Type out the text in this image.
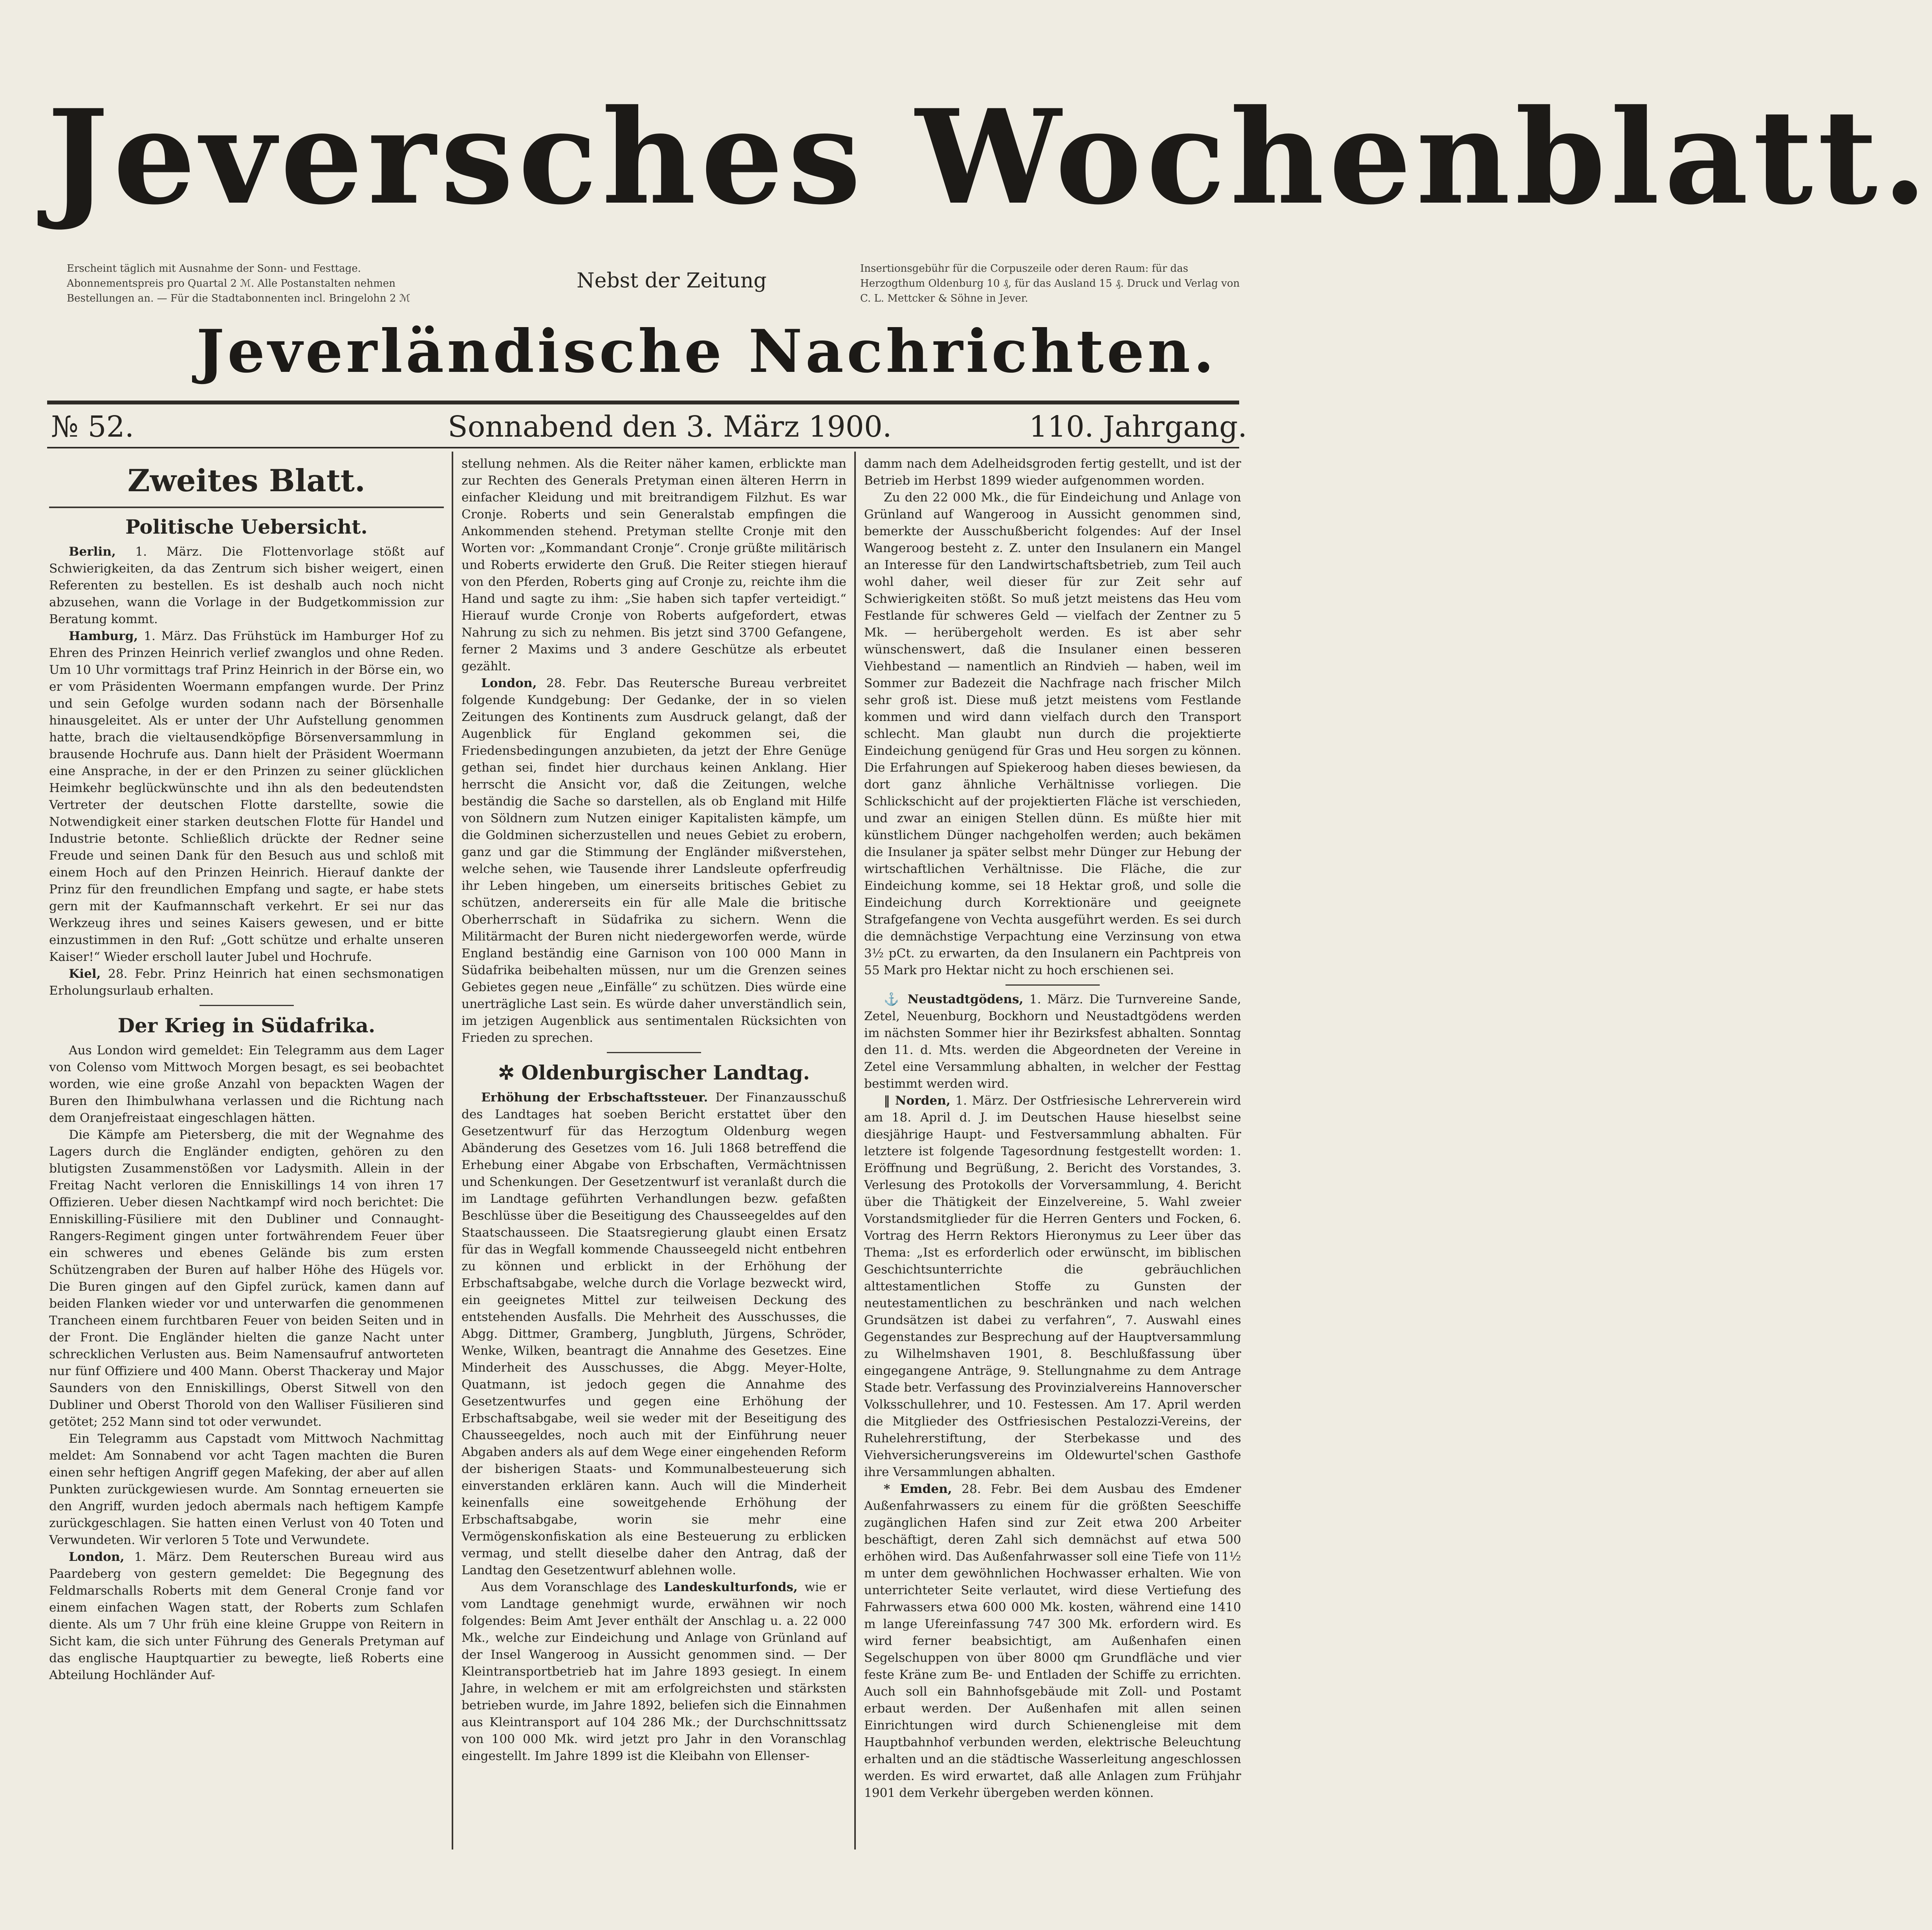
Jeversches Wochenblatt.
Erscheint täglich mit Ausnahme der Sonn- und Festtage. Abonnementspreis pro Quartal 2 ℳ. Alle Postanstalten nehmen Bestellungen an. — Für die Stadtabonnenten incl. Bringelohn 2 ℳ
Nebst der Zeitung
Insertionsgebühr für die Corpuszeile oder deren Raum: für das Herzogthum Oldenburg 10 ₰, für das Ausland 15 ₰. Druck und Verlag von C. L. Mettcker & Söhne in Jever.
Jeverländische Nachrichten.
№ 52.	Sonnabend den 3. März 1900.	110. Jahrgang.
Zweites Blatt.
Politische Uebersicht.

Berlin, 1. März. Die Flottenvorlage stößt auf Schwierigkeiten, da das Zentrum sich bisher weigert, einen Referenten zu bestellen. Es ist deshalb auch noch nicht abzusehen, wann die Vorlage in der Budgetkommission zur Beratung kommt.

Hamburg, 1. März. Das Frühstück im Hamburger Hof zu Ehren des Prinzen Heinrich verlief zwanglos und ohne Reden. Um 10 Uhr vormittags traf Prinz Heinrich in der Börse ein, wo er vom Präsidenten Woermann empfangen wurde. Der Prinz und sein Gefolge wurden sodann nach der Börsenhalle hinausgeleitet. Als er unter der Uhr Aufstellung genommen hatte, brach die vieltausendköpfige Börsenversammlung in brausende Hochrufe aus. Dann hielt der Präsident Woermann eine Ansprache, in der er den Prinzen zu seiner glücklichen Heimkehr beglückwünschte und ihn als den bedeutendsten Vertreter der deutschen Flotte darstellte, sowie die Notwendigkeit einer starken deutschen Flotte für Handel und Industrie betonte. Schließlich drückte der Redner seine Freude und seinen Dank für den Besuch aus und schloß mit einem Hoch auf den Prinzen Heinrich. Hierauf dankte der Prinz für den freundlichen Empfang und sagte, er habe stets gern mit der Kaufmannschaft verkehrt. Er sei nur das Werkzeug ihres und seines Kaisers gewesen, und er bitte einzustimmen in den Ruf: „Gott schütze und erhalte unseren Kaiser!“ Wieder erscholl lauter Jubel und Hochrufe.

Kiel, 28. Febr. Prinz Heinrich hat einen sechsmonatigen Erholungsurlaub erhalten.

Der Krieg in Südafrika.

Aus London wird gemeldet: Ein Telegramm aus dem Lager von Colenso vom Mittwoch Morgen besagt, es sei beobachtet worden, wie eine große Anzahl von bepackten Wagen der Buren den Ihimbulwhana verlassen und die Richtung nach dem Oranjefreistaat eingeschlagen hätten.

Die Kämpfe am Pietersberg, die mit der Wegnahme des Lagers durch die Engländer endigten, gehören zu den blutigsten Zusammenstößen vor Ladysmith. Allein in der Freitag Nacht verloren die Enniskillings 14 von ihren 17 Offizieren. Ueber diesen Nachtkampf wird noch berichtet: Die Enniskilling-Füsiliere mit den Dubliner und Connaught-Rangers-Regiment gingen unter fortwährendem Feuer über ein schweres und ebenes Gelände bis zum ersten Schützengraben der Buren auf halber Höhe des Hügels vor. Die Buren gingen auf den Gipfel zurück, kamen dann auf beiden Flanken wieder vor und unterwarfen die genommenen Trancheen einem furchtbaren Feuer von beiden Seiten und in der Front. Die Engländer hielten die ganze Nacht unter schrecklichen Verlusten aus. Beim Namensaufruf antworteten nur fünf Offiziere und 400 Mann. Oberst Thackeray und Major Saunders von den Enniskillings, Oberst Sitwell von den Dubliner und Oberst Thorold von den Walliser Füsilieren sind getötet; 252 Mann sind tot oder verwundet.

Ein Telegramm aus Capstadt vom Mittwoch Nachmittag meldet: Am Sonnabend vor acht Tagen machten die Buren einen sehr heftigen Angriff gegen Mafeking, der aber auf allen Punkten zurückgewiesen wurde. Am Sonntag erneuerten sie den Angriff, wurden jedoch abermals nach heftigem Kampfe zurückgeschlagen. Sie hatten einen Verlust von 40 Toten und Verwundeten. Wir verloren 5 Tote und Verwundete.

London, 1. März. Dem Reuterschen Bureau wird aus Paardeberg von gestern gemeldet: Die Begegnung des Feldmarschalls Roberts mit dem General Cronje fand vor einem einfachen Wagen statt, der Roberts zum Schlafen diente. Als um 7 Uhr früh eine kleine Gruppe von Reitern in Sicht kam, die sich unter Führung des Generals Pretyman auf das englische Hauptquartier zu bewegte, ließ Roberts eine Abteilung Hochländer Auf-

stellung nehmen. Als die Reiter näher kamen, erblickte man zur Rechten des Generals Pretyman einen älteren Herrn in einfacher Kleidung und mit breitrandigem Filzhut. Es war Cronje. Roberts und sein Generalstab empfingen die Ankommenden stehend. Pretyman stellte Cronje mit den Worten vor: „Kommandant Cronje“. Cronje grüßte militärisch und Roberts erwiderte den Gruß. Die Reiter stiegen hierauf von den Pferden, Roberts ging auf Cronje zu, reichte ihm die Hand und sagte zu ihm: „Sie haben sich tapfer verteidigt.“ Hierauf wurde Cronje von Roberts aufgefordert, etwas Nahrung zu sich zu nehmen. Bis jetzt sind 3700 Gefangene, ferner 2 Maxims und 3 andere Geschütze als erbeutet gezählt.

London, 28. Febr. Das Reutersche Bureau verbreitet folgende Kundgebung: Der Gedanke, der in so vielen Zeitungen des Kontinents zum Ausdruck gelangt, daß der Augenblick für England gekommen sei, die Friedensbedingungen anzubieten, da jetzt der Ehre Genüge gethan sei, findet hier durchaus keinen Anklang. Hier herrscht die Ansicht vor, daß die Zeitungen, welche beständig die Sache so darstellen, als ob England mit Hilfe von Söldnern zum Nutzen einiger Kapitalisten kämpfe, um die Goldminen sicherzustellen und neues Gebiet zu erobern, ganz und gar die Stimmung der Engländer mißverstehen, welche sehen, wie Tausende ihrer Landsleute opferfreudig ihr Leben hingeben, um einerseits britisches Gebiet zu schützen, andererseits ein für alle Male die britische Oberherrschaft in Südafrika zu sichern. Wenn die Militärmacht der Buren nicht niedergeworfen werde, würde England beständig eine Garnison von 100 000 Mann in Südafrika beibehalten müssen, nur um die Grenzen seines Gebietes gegen neue „Einfälle“ zu schützen. Dies würde eine unerträgliche Last sein. Es würde daher unverständlich sein, im jetzigen Augenblick aus sentimentalen Rücksichten von Frieden zu sprechen.

✲ Oldenburgischer Landtag.

Erhöhung der Erbschaftssteuer. Der Finanzausschuß des Landtages hat soeben Bericht erstattet über den Gesetzentwurf für das Herzogtum Oldenburg wegen Abänderung des Gesetzes vom 16. Juli 1868 betreffend die Erhebung einer Abgabe von Erbschaften, Vermächtnissen und Schenkungen. Der Gesetzentwurf ist veranlaßt durch die im Landtage geführten Verhandlungen bezw. gefaßten Beschlüsse über die Beseitigung des Chausseegeldes auf den Staatschausseen. Die Staatsregierung glaubt einen Ersatz für das in Wegfall kommende Chausseegeld nicht entbehren zu können und erblickt in der Erhöhung der Erbschaftsabgabe, welche durch die Vorlage bezweckt wird, ein geeignetes Mittel zur teilweisen Deckung des entstehenden Ausfalls. Die Mehrheit des Ausschusses, die Abgg. Dittmer, Gramberg, Jungbluth, Jürgens, Schröder, Wenke, Wilken, beantragt die Annahme des Gesetzes. Eine Minderheit des Ausschusses, die Abgg. Meyer-Holte, Quatmann, ist jedoch gegen die Annahme des Gesetzentwurfes und gegen eine Erhöhung der Erbschaftsabgabe, weil sie weder mit der Beseitigung des Chausseegeldes, noch auch mit der Einführung neuer Abgaben anders als auf dem Wege einer eingehenden Reform der bisherigen Staats- und Kommunalbesteuerung sich einverstanden erklären kann. Auch will die Minderheit keinenfalls eine soweitgehende Erhöhung der Erbschaftsabgabe, worin sie mehr eine Vermögenskonfiskation als eine Besteuerung zu erblicken vermag, und stellt dieselbe daher den Antrag, daß der Landtag den Gesetzentwurf ablehnen wolle.

Aus dem Voranschlage des Landeskulturfonds, wie er vom Landtage genehmigt wurde, erwähnen wir noch folgendes: Beim Amt Jever enthält der Anschlag u. a. 22 000 Mk., welche zur Eindeichung und Anlage von Grünland auf der Insel Wangeroog in Aussicht genommen sind. — Der Kleintransportbetrieb hat im Jahre 1893 gesiegt. In einem Jahre, in welchem er mit am erfolgreichsten und stärksten betrieben wurde, im Jahre 1892, beliefen sich die Einnahmen aus Kleintransport auf 104 286 Mk.; der Durchschnittssatz von 100 000 Mk. wird jetzt pro Jahr in den Voranschlag eingestellt. Im Jahre 1899 ist die Kleibahn von Ellenser-

damm nach dem Adelheidsgroden fertig gestellt, und ist der Betrieb im Herbst 1899 wieder aufgenommen worden.

Zu den 22 000 Mk., die für Eindeichung und Anlage von Grünland auf Wangeroog in Aussicht genommen sind, bemerkte der Ausschußbericht folgendes: Auf der Insel Wangeroog besteht z. Z. unter den Insulanern ein Mangel an Interesse für den Landwirtschaftsbetrieb, zum Teil auch wohl daher, weil dieser für zur Zeit sehr auf Schwierigkeiten stößt. So muß jetzt meistens das Heu vom Festlande für schweres Geld — vielfach der Zentner zu 5 Mk. — herübergeholt werden. Es ist aber sehr wünschenswert, daß die Insulaner einen besseren Viehbestand — namentlich an Rindvieh — haben, weil im Sommer zur Badezeit die Nachfrage nach frischer Milch sehr groß ist. Diese muß jetzt meistens vom Festlande kommen und wird dann vielfach durch den Transport schlecht. Man glaubt nun durch die projektierte Eindeichung genügend für Gras und Heu sorgen zu können. Die Erfahrungen auf Spiekeroog haben dieses bewiesen, da dort ganz ähnliche Verhältnisse vorliegen. Die Schlickschicht auf der projektierten Fläche ist verschieden, und zwar an einigen Stellen dünn. Es müßte hier mit künstlichem Dünger nachgeholfen werden; auch bekämen die Insulaner ja später selbst mehr Dünger zur Hebung der wirtschaftlichen Verhältnisse. Die Fläche, die zur Eindeichung komme, sei 18 Hektar groß, und solle die Eindeichung durch Korrektionäre und geeignete Strafgefangene von Vechta ausgeführt werden. Es sei durch die demnächstige Verpachtung eine Verzinsung von etwa 3½ pCt. zu erwarten, da den Insulanern ein Pachtpreis von 55 Mark pro Hektar nicht zu hoch erschienen sei.

⚓ Neustadtgödens, 1. März. Die Turnvereine Sande, Zetel, Neuenburg, Bockhorn und Neustadtgödens werden im nächsten Sommer hier ihr Bezirksfest abhalten. Sonntag den 11. d. Mts. werden die Abgeordneten der Vereine in Zetel eine Versammlung abhalten, in welcher der Festtag bestimmt werden wird.

‖ Norden, 1. März. Der Ostfriesische Lehrerverein wird am 18. April d. J. im Deutschen Hause hieselbst seine diesjährige Haupt- und Festversammlung abhalten. Für letztere ist folgende Tagesordnung festgestellt worden: 1. Eröffnung und Begrüßung, 2. Bericht des Vorstandes, 3. Verlesung des Protokolls der Vorversammlung, 4. Bericht über die Thätigkeit der Einzelvereine, 5. Wahl zweier Vorstandsmitglieder für die Herren Genters und Focken, 6. Vortrag des Herrn Rektors Hieronymus zu Leer über das Thema: „Ist es erforderlich oder erwünscht, im biblischen Geschichtsunterrichte die gebräuchlichen alttestamentlichen Stoffe zu Gunsten der neutestamentlichen zu beschränken und nach welchen Grundsätzen ist dabei zu verfahren“, 7. Auswahl eines Gegenstandes zur Besprechung auf der Hauptversammlung zu Wilhelmshaven 1901, 8. Beschlußfassung über eingegangene Anträge, 9. Stellungnahme zu dem Antrage Stade betr. Verfassung des Provinzialvereins Hannoverscher Volksschullehrer, und 10. Festessen. Am 17. April werden die Mitglieder des Ostfriesischen Pestalozzi-Vereins, der Ruhelehrerstiftung, der Sterbekasse und des Viehversicherungsvereins im Oldewurtel'schen Gasthofe ihre Versammlungen abhalten.

* Emden, 28. Febr. Bei dem Ausbau des Emdener Außenfahrwassers zu einem für die größten Seeschiffe zugänglichen Hafen sind zur Zeit etwa 200 Arbeiter beschäftigt, deren Zahl sich demnächst auf etwa 500 erhöhen wird. Das Außenfahrwasser soll eine Tiefe von 11½ m unter dem gewöhnlichen Hochwasser erhalten. Wie von unterrichteter Seite verlautet, wird diese Vertiefung des Fahrwassers etwa 600 000 Mk. kosten, während eine 1410 m lange Ufereinfassung 747 300 Mk. erfordern wird. Es wird ferner beabsichtigt, am Außenhafen einen Segelschuppen von über 8000 qm Grundfläche und vier feste Kräne zum Be- und Entladen der Schiffe zu errichten. Auch soll ein Bahnhofsgebäude mit Zoll- und Postamt erbaut werden. Der Außenhafen mit allen seinen Einrichtungen wird durch Schienengleise mit dem Hauptbahnhof verbunden werden, elektrische Beleuchtung erhalten und an die städtische Wasserleitung angeschlossen werden. Es wird erwartet, daß alle Anlagen zum Frühjahr 1901 dem Verkehr übergeben werden können.
